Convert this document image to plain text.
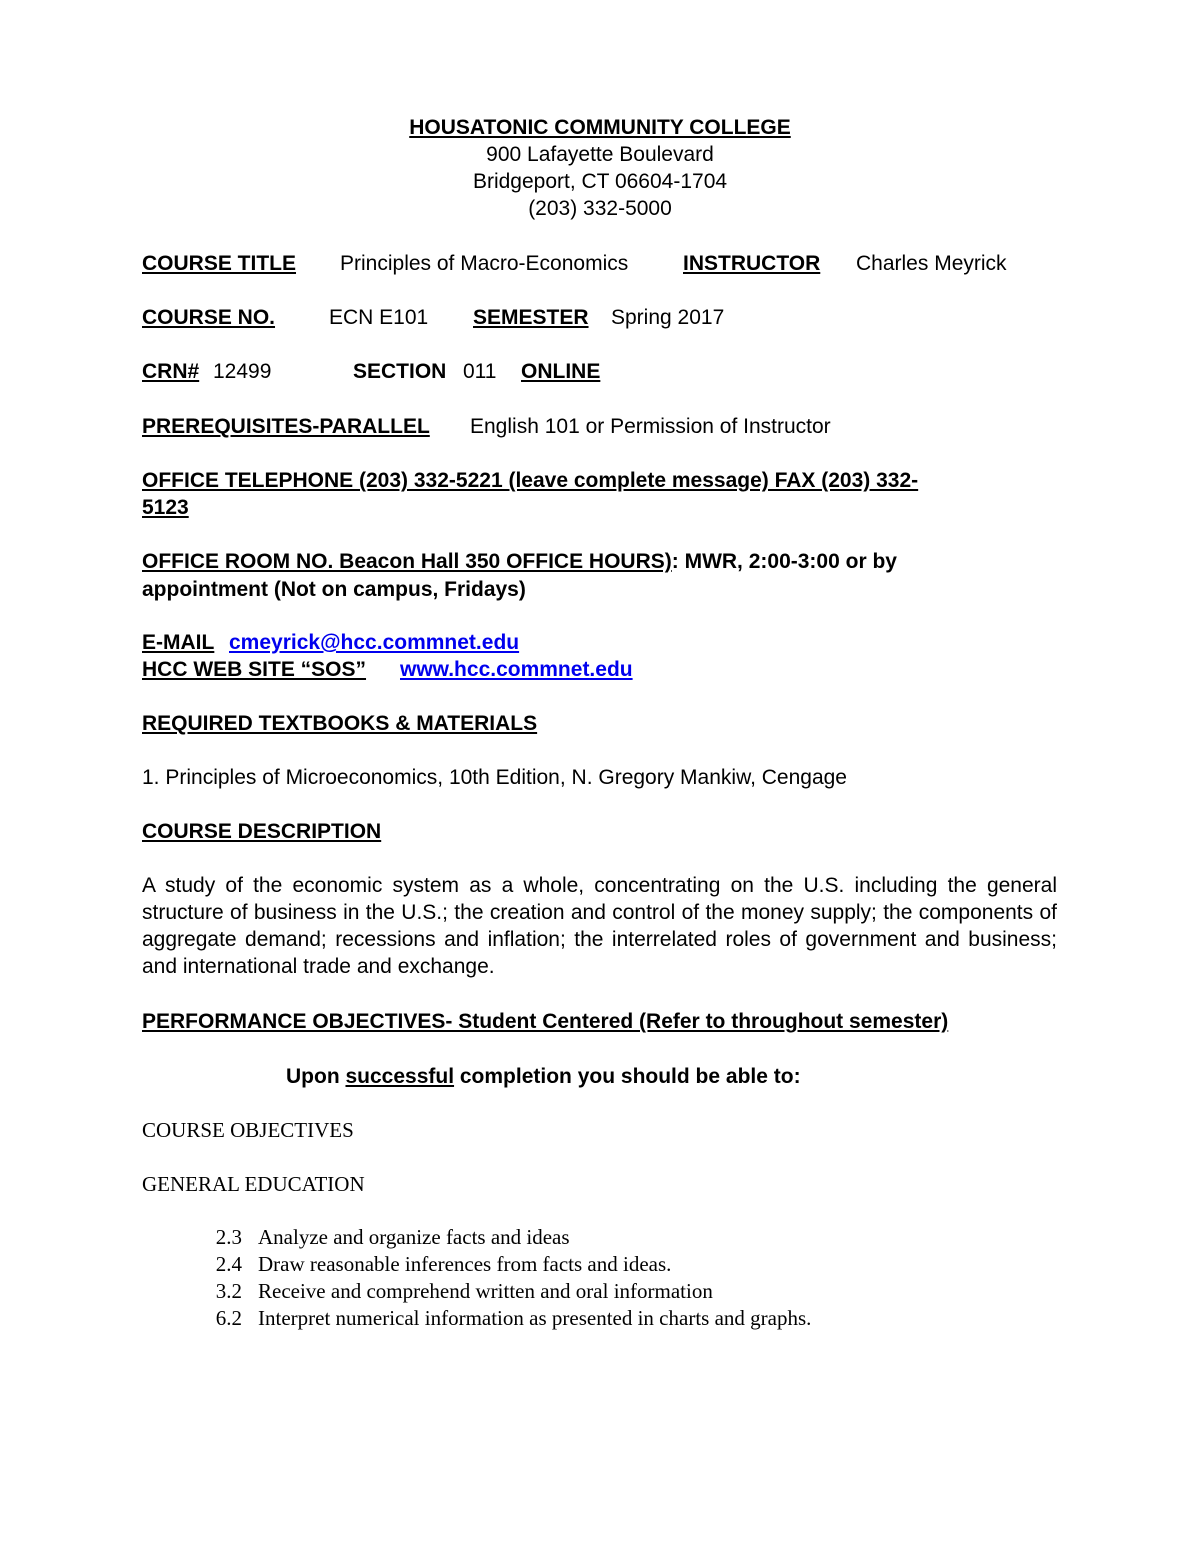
HOUSATONIC COMMUNITY COLLEGE
900 Lafayette Boulevard
Bridgeport, CT 06604-1704
(203) 332-5000
COURSE TITLE Principles of Macro-Economics	INSTRUCTOR Charles Meyrick
COURSE NO.	ECN E101 SEMESTER Spring 2017
CRN# 12499	SECTION 011 ONLINE
PREREQUISITES-PARALLEL English 101 or Permission of Instructor
OFFICE TELEPHONE (203) 332-5221 (leave complete message) FAX (203) 332-
5123
OFFICE ROOM NO. Beacon Hall 350 OFFICE HOURS): MWR, 2:00-3:00 or by
appointment (Not on campus, Fridays)
E-MAIL cmeyrick@hcc.commnet.edu
HCC WEB SITE “SOS” www.hcc.commnet.edu
REQUIRED TEXTBOOKS & MATERIALS
1. Principles of Microeconomics, 10th Edition, N. Gregory Mankiw, Cengage
COURSE DESCRIPTION
A study of the economic system as a whole, concentrating on the U.S. including the general structure of business in the U.S.; the creation and control of the money supply; the components of aggregate demand; recessions and inflation; the interrelated roles of government and business; and international trade and exchange.
PERFORMANCE OBJECTIVES- Student Centered (Refer to throughout semester)
Upon successful completion you should be able to:
COURSE OBJECTIVES
GENERAL EDUCATION
2.3 Analyze and organize facts and ideas
2.4 Draw reasonable inferences from facts and ideas.
3.2 Receive and comprehend written and oral information
6.2 Interpret numerical information as presented in charts and graphs.
